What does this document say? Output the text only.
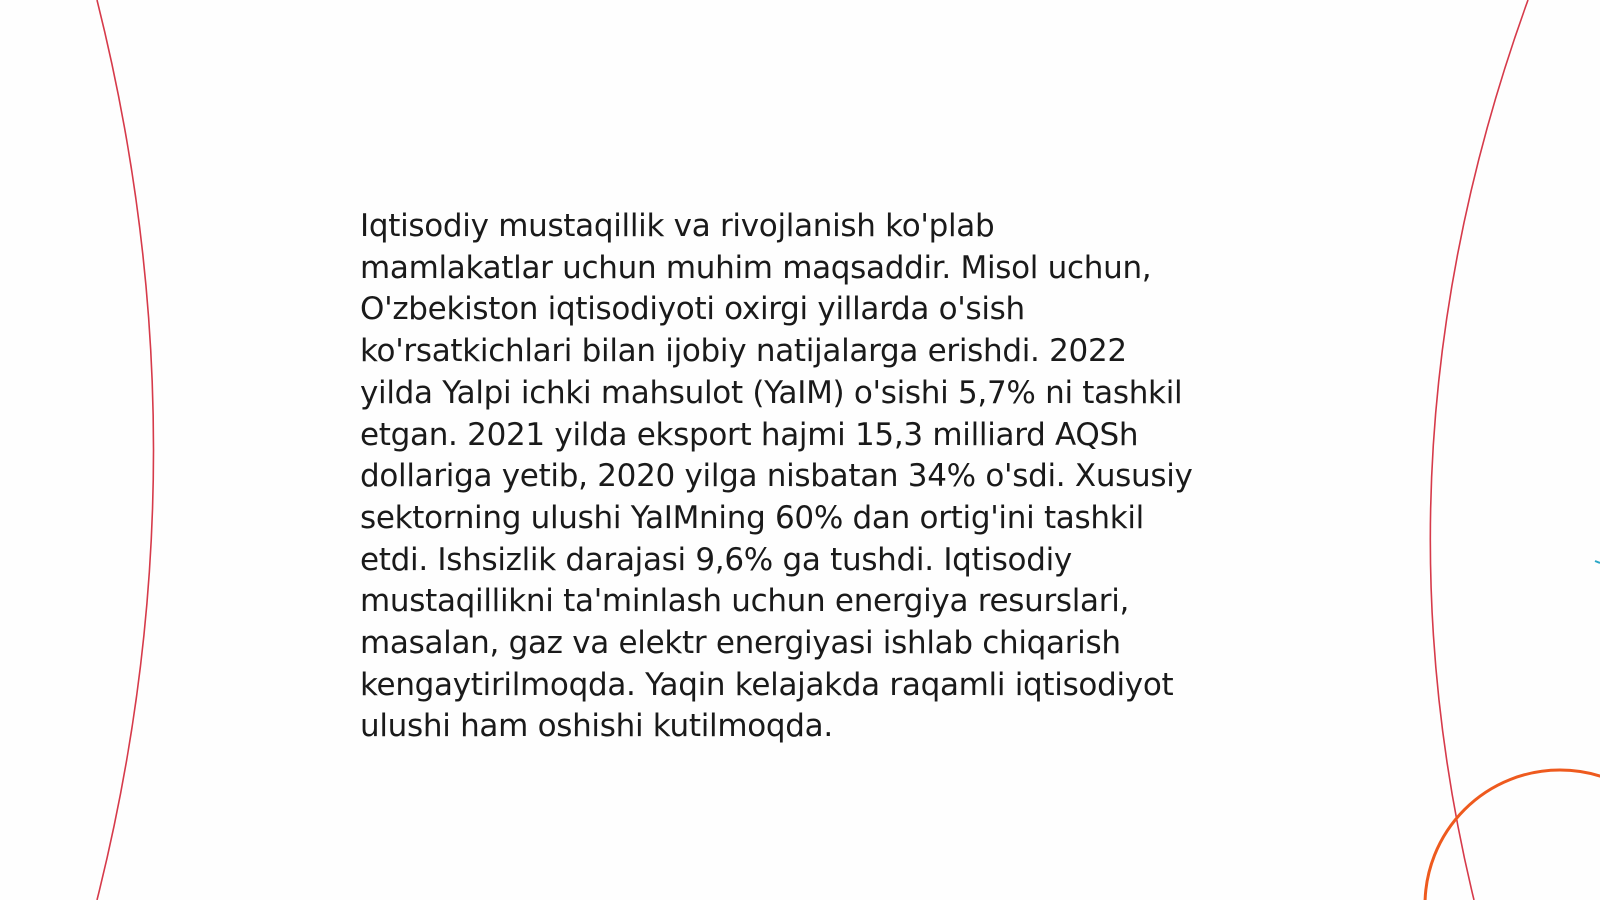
Iqtisodiy mustaqillik va rivojlanish ko'plab
mamlakatlar uchun muhim maqsaddir. Misol uchun,
O'zbekiston iqtisodiyoti oxirgi yillarda o'sish
ko'rsatkichlari bilan ijobiy natijalarga erishdi. 2022
yilda Yalpi ichki mahsulot (YaIM) o'sishi 5,7% ni tashkil
etgan. 2021 yilda eksport hajmi 15,3 milliard AQSh
dollariga yetib, 2020 yilga nisbatan 34% o'sdi. Xususiy
sektorning ulushi YaIMning 60% dan ortig'ini tashkil
etdi. Ishsizlik darajasi 9,6% ga tushdi. Iqtisodiy
mustaqillikni ta'minlash uchun energiya resurslari,
masalan, gaz va elektr energiyasi ishlab chiqarish
kengaytirilmoqda. Yaqin kelajakda raqamli iqtisodiyot
ulushi ham oshishi kutilmoqda.
